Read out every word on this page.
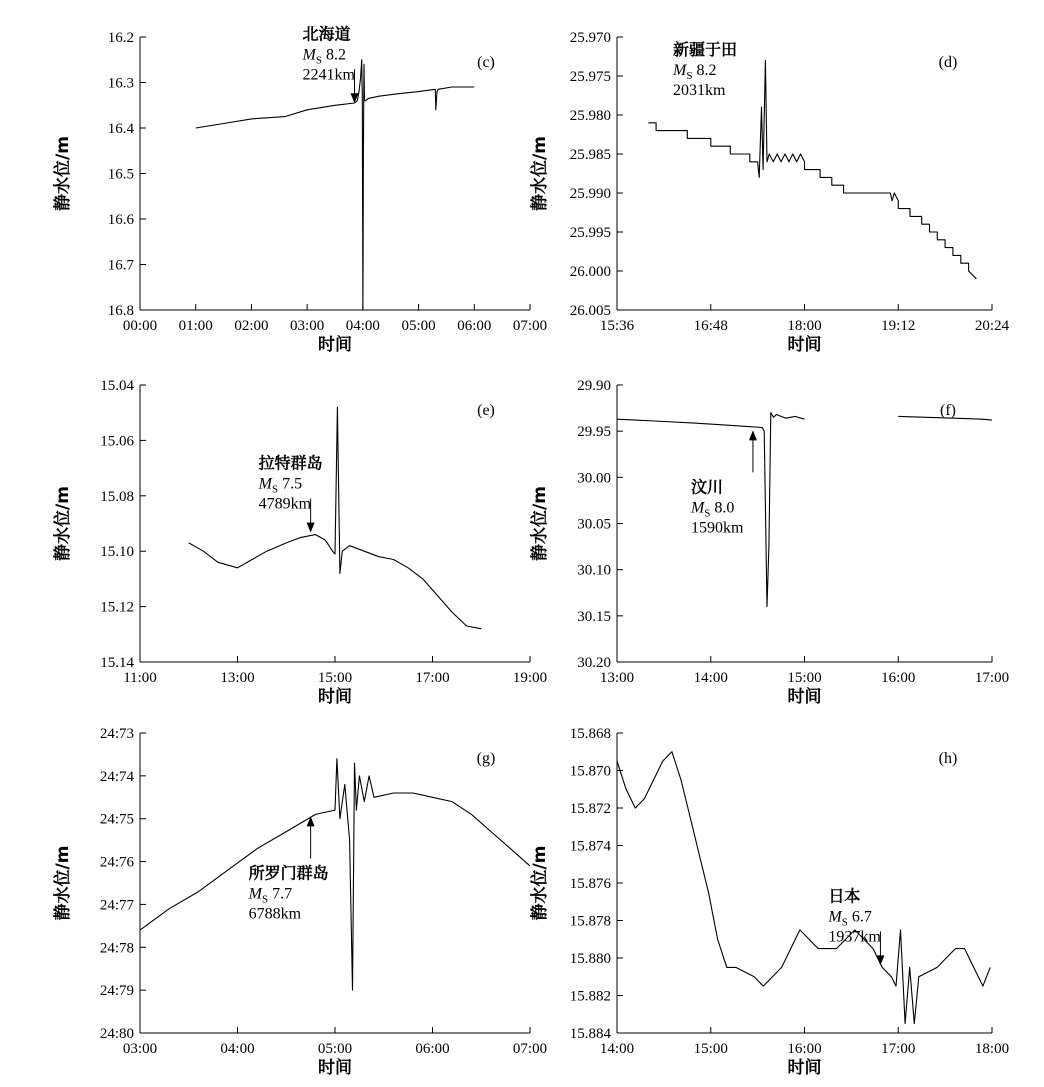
16.2
16.3
16.4
16.5
16.6
16.7
16.8
00:00 01:00 02:00 03:00 04:00 05:00 06:00 07:00
时间
静水位/m
(c)
北海道
$M_S$ 8.2
2241km
25.970
25.975
25.980
25.985
25.990
25.995
26.000
26.005
15:36	16:48	18:00	19:12	20:24
时间
静水位/m
(d)
新疆于田
$M_S$ 8.2
2031km
15.04
15.06
15.08
15.10
15.12
15.14
11:00	13:00	15:00	17:00	19:00
时间
静水位/m
(e)
拉特群岛
$M_S$ 7.5
4789km
29.90
29.95
30.00
30.05
30.10
30.15
30.20
13:00	14:00	15:00	16:00	17:00
时间
静水位/m
(f)
汶川
$M_S$ 8.0
1590km
24:73
24:74
24:75
24:76
24:77
24:78
24:79
24:80
03:00	04:00	05:00	06:00	07:00
时间
静水位/m
(g)
所罗门群岛
$M_S$ 7.7
6788km
15.868
15.870
15.872
15.874
15.876
15.878
15.880
15.882
15.884
14:00	15:00	16:00	17:00	18:00
时间
静水位/m
(h)
日本
$M_S$ 6.7
1937km
